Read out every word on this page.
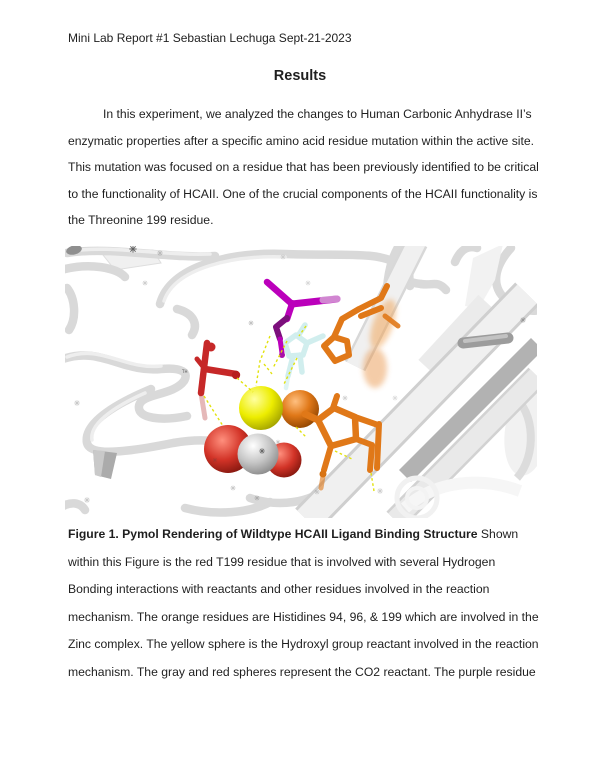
Mini Lab Report #1 Sebastian Lechuga Sept-21-2023
Results
In this experiment, we analyzed the changes to Human Carbonic Anhydrase II’s
enzymatic properties after a specific amino acid residue mutation within the active site.
This mutation was focused on a residue that has been previously identified to be critical
to the functionality of HCAII. One of the crucial components of the HCAII functionality is
the Threonine 199 residue.
TH
Figure 1. Pymol Rendering of Wildtype HCAII Ligand Binding Structure Shown
within this Figure is the red T199 residue that is involved with several Hydrogen
Bonding interactions with reactants and other residues involved in the reaction
mechanism. The orange residues are Histidines 94, 96, & 199 which are involved in the
Zinc complex. The yellow sphere is the Hydroxyl group reactant involved in the reaction
mechanism. The gray and red spheres represent the CO2 reactant. The purple residue
